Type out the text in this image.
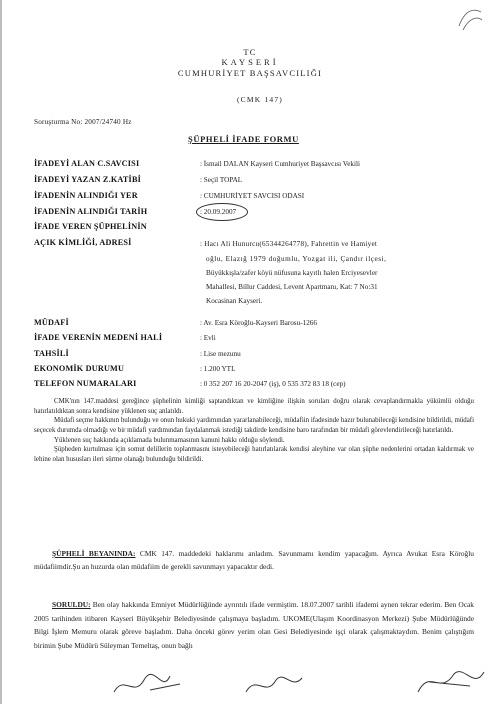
TC
KAYSERİ
CUMHURİYET BAŞSAVCILIĞI
(CMK 147)
Soruşturma No: 2007/24740 Hz
ŞÜPHELİ İFADE FORMU
İFADEYİ ALAN C.SAVCISI	: İsmail DALAN Kayseri Cumhuriyet Başsavcısı Vekili
İFADEYİ YAZAN Z.KATİBİ	: Seçil TOPAL
İFADENİN ALINDIĞI YER	: CUMHURİYET SAVCISI ODASI
İFADENİN ALINDIĞI TARİH	: 20.09.2007
İFADE VEREN ŞÜPHELİNİN
AÇIK KİMLİĞİ, ADRESİ	: Hacı Ali Hunurcu(65344264778), Fahrettin ve Hamiyet
oğlu, Elazığ 1979 doğumlu, Yozgat ili, Çandır ilçesi,
Büyükkışla/zafer köyü nüfusuna kayıtlı halen Erciyesevler
Mahallesi, Billur Caddesi, Levent Apartmanı, Kat: 7 No:31
Kocasinan Kayseri.
MÜDAFİ	: Av. Esra Köroğlu-Kayseri Barosu-1266
İFADE VERENİN MEDENİ HALİ	: Evli
TAHSİLİ	: Lise mezunu
EKONOMİK DURUMU	: 1.200 YTL
TELEFON NUMARALARI	: 0 352 207 16 20-2047 (iş), 0 535 372 83 18 (cep)

CMK'nın 147.maddesi gereğince şüphelinin kimliği saptandıktan ve kimliğine ilişkin soruları doğru olarak cevaplandırmakla yükümlü olduğu hatırlatıldıktan sonra kendisine yüklenen suç anlatıldı.

Müdafi seçme hakkının bulunduğu ve onun hukuki yardımından yararlanabileceği, müdafiin ifadesinde hazır bulunabileceği kendisine bildirildi, müdafi seçecek durumda olmadığı ve bir müdafi yardımından faydalanmak istediği takdirde kendisine baro tarafından bir müdafi görevlendirileceği hatırlatıldı.

Yüklenen suç hakkında açıklamada bulunmamasının kanuni hakkı olduğu söylendi.

Şüpheden kurtulması için somut delillerin toplanmasını isteyebileceği hatırlatılarak kendisi aleyhine var olan şüphe nedenlerini ortadan kaldırmak ve lehine olan hususları ileri sürme olanağı bulunduğu bildirildi.

ŞÜPHELİ BEYANINDA: CMK 147. maddedeki haklarımı anladım. Savunmamı kendim yapacağım. Ayrıca Avukat Esra Köroğlu müdafiimdir.Şu an huzurda olan müdafiim de gerekli savunmayı yapacaktır dedi.
SORULDU: Ben olay hakkında Emniyet Müdürlüğünde ayrıntılı ifade vermiştim. 18.07.2007 tarihli ifademi aynen tekrar ederim. Ben Ocak 2005 tarihinden itibaren Kayseri Büyükşehir Belediyesinde çalışmaya başladım. UKOME(Ulaşım Koordinasyon Merkezi) Şube Müdürlüğünde Bilgi İşlem Memuru olarak göreve başladım. Daha önceki görev yerim olan Gesi Belediyesinde işçi olarak çalışmaktaydım. Benim çalıştığım birimin Şube Müdürü Süleyman Temeltaş, onun bağlı
